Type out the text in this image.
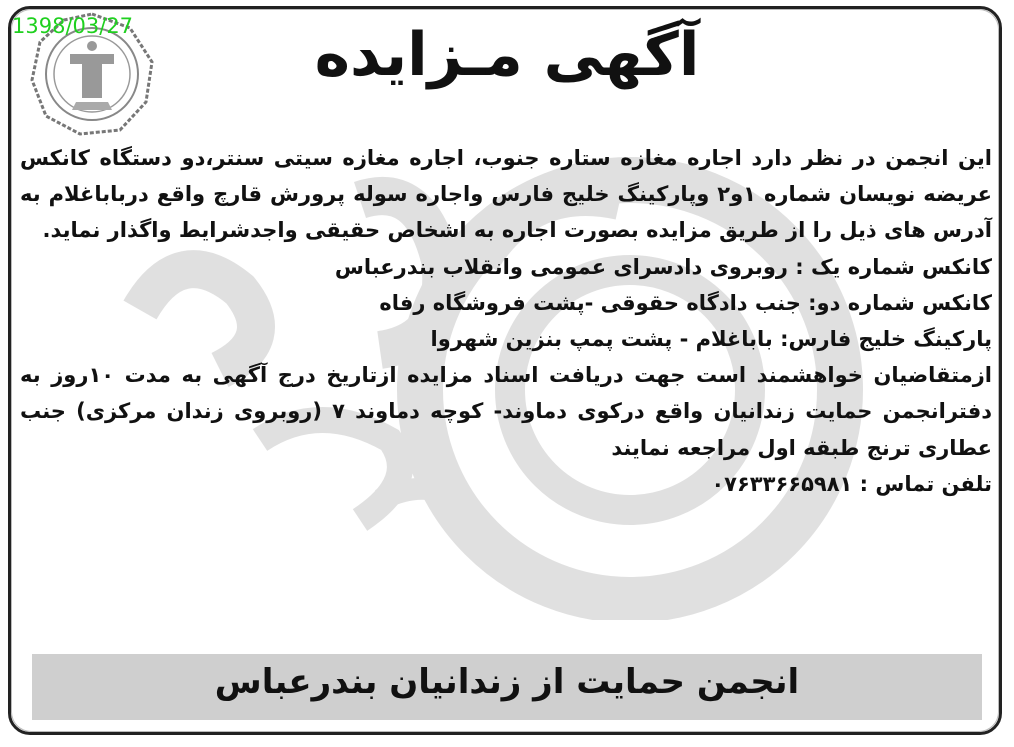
1398/03/27	آگهی مـزایده

این انجمن در نظر دارد اجاره مغازه ستاره جنوب، اجاره مغازه سیتی سنتر،دو دستگاه کانکس عریضه نویسان شماره ۱و۲ وپارکینگ خلیج فارس واجاره سوله پرورش قارچ واقع درباباغلام به آدرس های ذیل را از طریق مزایده بصورت اجاره به اشخاص حقیقی واجدشرایط واگذار نماید.

کانکس شماره یک : روبروی دادسرای عمومی وانقلاب بندرعباس

کانکس شماره دو: جنب دادگاه حقوقی -پشت فروشگاه رفاه

پارکینگ خلیج فارس: باباغلام - پشت پمپ بنزین شهروا

ازمتقاضیان خواهشمند است جهت دریافت اسناد مزایده ازتاریخ درج آگهی به مدت ۱۰روز به دفترانجمن حمایت زندانیان واقع درکوی دماوند- کوچه دماوند ۷ (روبروی زندان مرکزی) جنب عطاری ترنج طبقه اول مراجعه نمایند

تلفن تماس : ۰۷۶۳۳۶۶۵۹۸۱

انجمن حمایت از زندانیان بندرعباس
